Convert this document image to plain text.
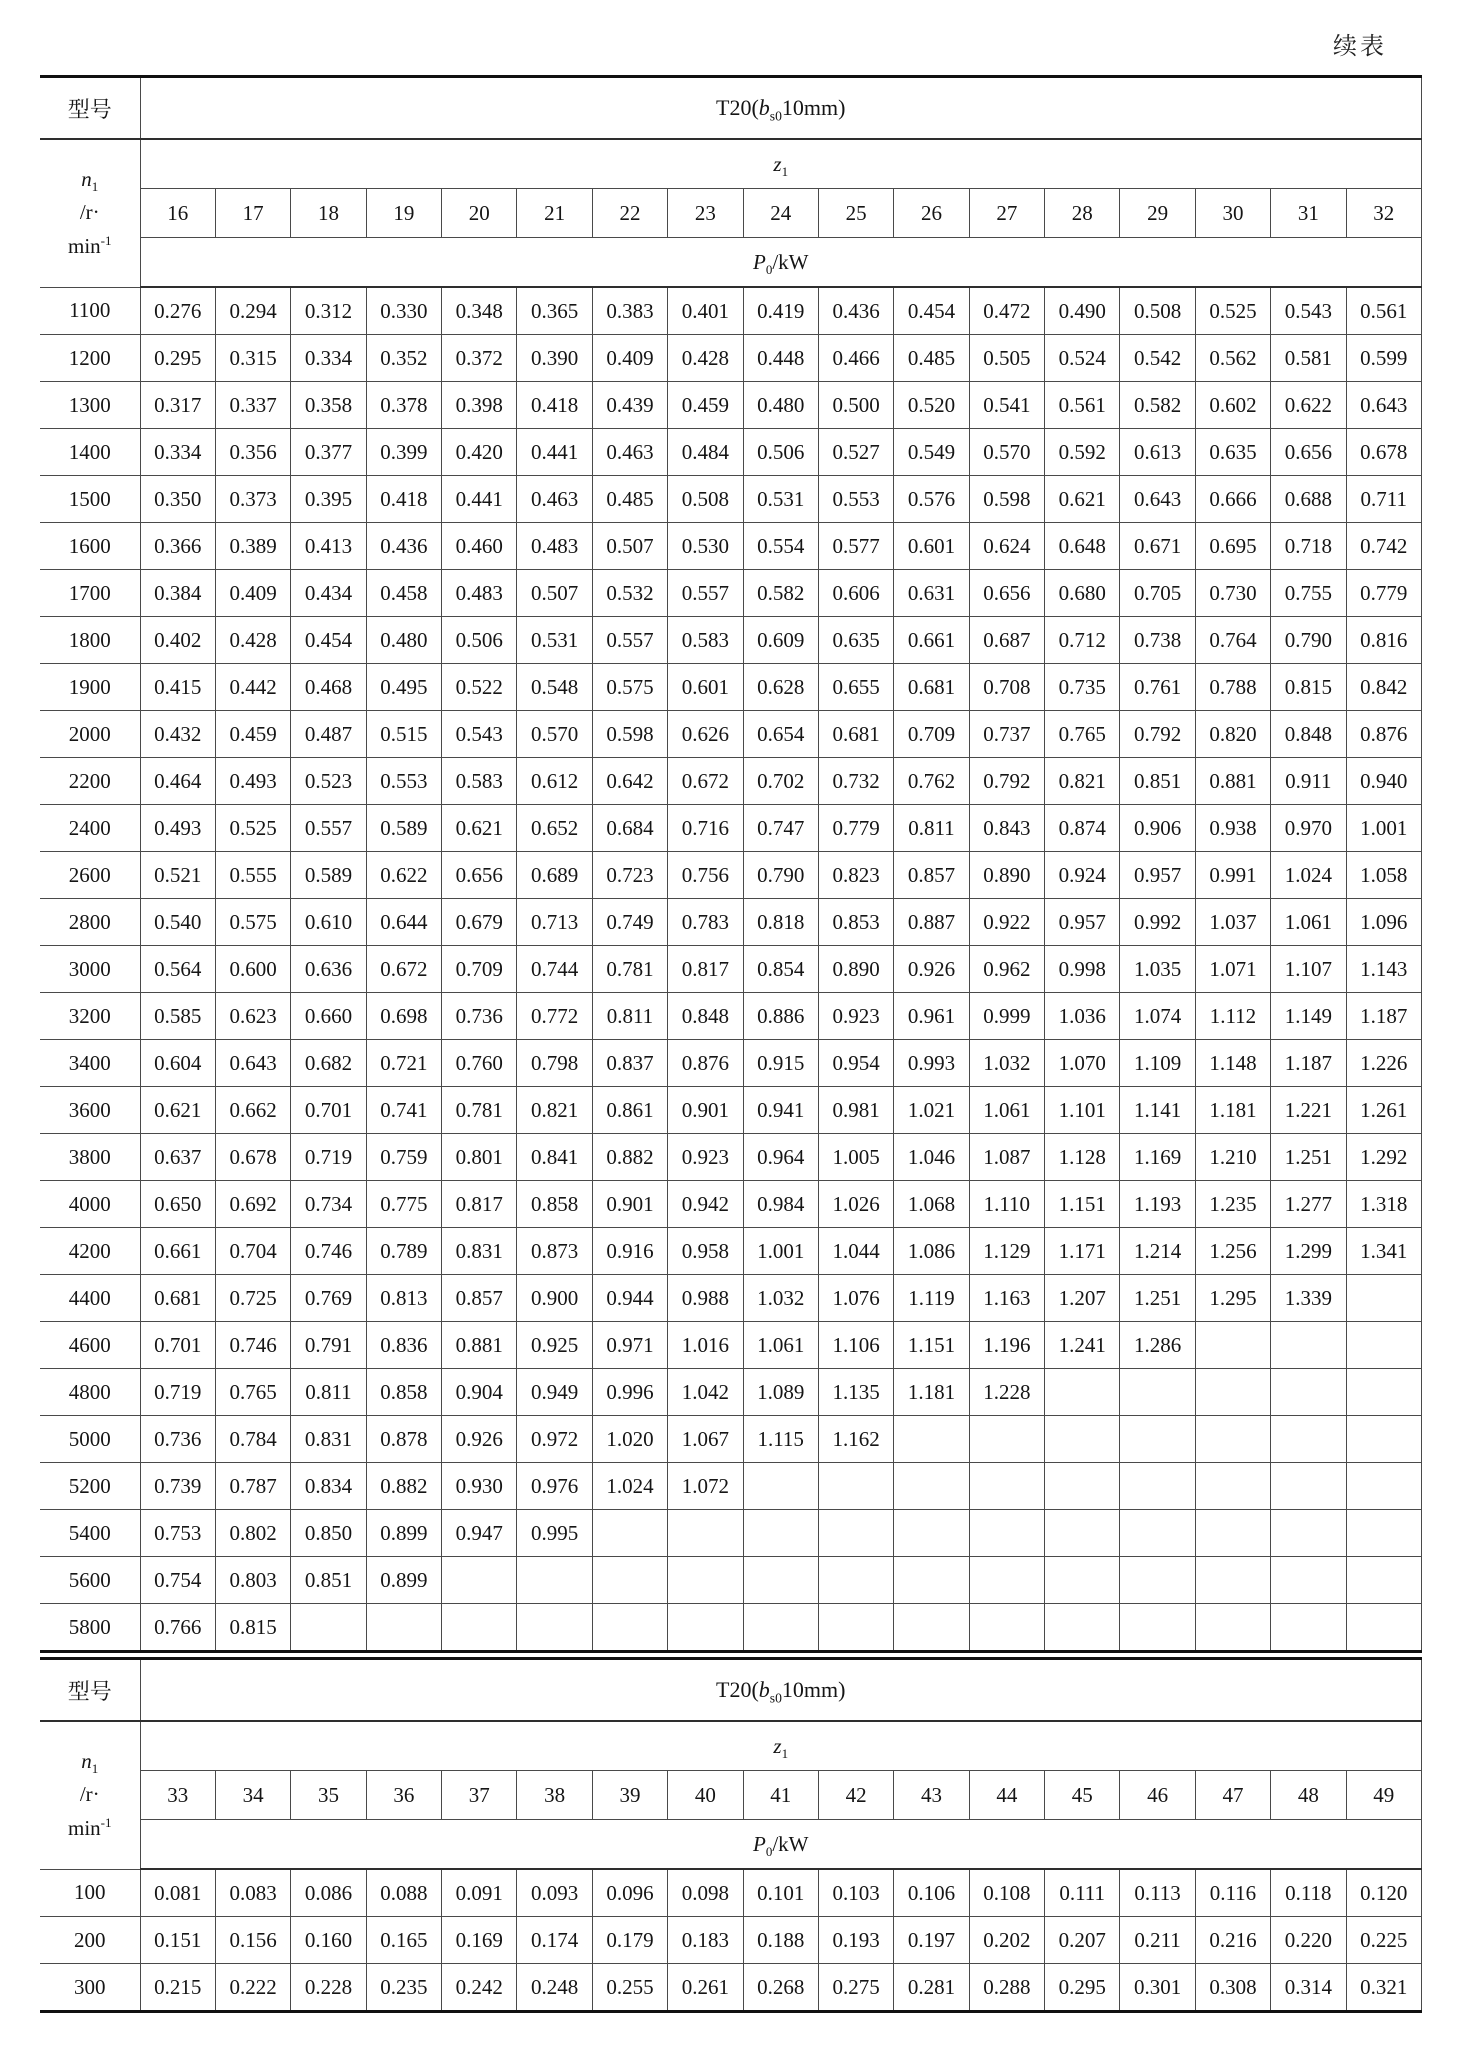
续表
型号	$T20(b_{s0}10mm)$																

$n_1$
/r·
$\min^{-1}$	$z_1$
	16	17	18	19	20	21	22	23	24	25	26	27	28	29	30	31	32
	$P_0/kW$																
1100	0.276	0.294	0.312	0.330	0.348	0.365	0.383	0.401	0.419	0.436	0.454	0.472	0.490	0.508	0.525	0.543	0.561
1200	0.295	0.315	0.334	0.352	0.372	0.390	0.409	0.428	0.448	0.466	0.485	0.505	0.524	0.542	0.562	0.581	0.599
1300	0.317	0.337	0.358	0.378	0.398	0.418	0.439	0.459	0.480	0.500	0.520	0.541	0.561	0.582	0.602	0.622	0.643
1400	0.334	0.356	0.377	0.399	0.420	0.441	0.463	0.484	0.506	0.527	0.549	0.570	0.592	0.613	0.635	0.656	0.678
1500	0.350	0.373	0.395	0.418	0.441	0.463	0.485	0.508	0.531	0.553	0.576	0.598	0.621	0.643	0.666	0.688	0.711
1600	0.366	0.389	0.413	0.436	0.460	0.483	0.507	0.530	0.554	0.577	0.601	0.624	0.648	0.671	0.695	0.718	0.742
1700	0.384	0.409	0.434	0.458	0.483	0.507	0.532	0.557	0.582	0.606	0.631	0.656	0.680	0.705	0.730	0.755	0.779
1800	0.402	0.428	0.454	0.480	0.506	0.531	0.557	0.583	0.609	0.635	0.661	0.687	0.712	0.738	0.764	0.790	0.816
1900	0.415	0.442	0.468	0.495	0.522	0.548	0.575	0.601	0.628	0.655	0.681	0.708	0.735	0.761	0.788	0.815	0.842
2000	0.432	0.459	0.487	0.515	0.543	0.570	0.598	0.626	0.654	0.681	0.709	0.737	0.765	0.792	0.820	0.848	0.876
2200	0.464	0.493	0.523	0.553	0.583	0.612	0.642	0.672	0.702	0.732	0.762	0.792	0.821	0.851	0.881	0.911	0.940
2400	0.493	0.525	0.557	0.589	0.621	0.652	0.684	0.716	0.747	0.779	0.811	0.843	0.874	0.906	0.938	0.970	1.001
2600	0.521	0.555	0.589	0.622	0.656	0.689	0.723	0.756	0.790	0.823	0.857	0.890	0.924	0.957	0.991	1.024	1.058
2800	0.540	0.575	0.610	0.644	0.679	0.713	0.749	0.783	0.818	0.853	0.887	0.922	0.957	0.992	1.037	1.061	1.096
3000	0.564	0.600	0.636	0.672	0.709	0.744	0.781	0.817	0.854	0.890	0.926	0.962	0.998	1.035	1.071	1.107	1.143
3200	0.585	0.623	0.660	0.698	0.736	0.772	0.811	0.848	0.886	0.923	0.961	0.999	1.036	1.074	1.112	1.149	1.187
3400	0.604	0.643	0.682	0.721	0.760	0.798	0.837	0.876	0.915	0.954	0.993	1.032	1.070	1.109	1.148	1.187	1.226
3600	0.621	0.662	0.701	0.741	0.781	0.821	0.861	0.901	0.941	0.981	1.021	1.061	1.101	1.141	1.181	1.221	1.261
3800	0.637	0.678	0.719	0.759	0.801	0.841	0.882	0.923	0.964	1.005	1.046	1.087	1.128	1.169	1.210	1.251	1.292
4000	0.650	0.692	0.734	0.775	0.817	0.858	0.901	0.942	0.984	1.026	1.068	1.110	1.151	1.193	1.235	1.277	1.318
4200	0.661	0.704	0.746	0.789	0.831	0.873	0.916	0.958	1.001	1.044	1.086	1.129	1.171	1.214	1.256	1.299	1.341
4400	0.681	0.725	0.769	0.813	0.857	0.900	0.944	0.988	1.032	1.076	1.119	1.163	1.207	1.251	1.295	1.339	
4600	0.701	0.746	0.791	0.836	0.881	0.925	0.971	1.016	1.061	1.106	1.151	1.196	1.241	1.286			
4800	0.719	0.765	0.811	0.858	0.904	0.949	0.996	1.042	1.089	1.135	1.181	1.228					
5000	0.736	0.784	0.831	0.878	0.926	0.972	1.020	1.067	1.115	1.162							
5200	0.739	0.787	0.834	0.882	0.930	0.976	1.024	1.072									
5400	0.753	0.802	0.850	0.899	0.947	0.995											
5600	0.754	0.803	0.851	0.899													
5800	0.766	0.815															
型号	$T20(b_{s0}10mm)$																

$n_1$
/r·
$\min^{-1}$	$z_1$
	33	34	35	36	37	38	39	40	41	42	43	44	45	46	47	48	49
	$P_0/kW$																
100	0.081	0.083	0.086	0.088	0.091	0.093	0.096	0.098	0.101	0.103	0.106	0.108	0.111	0.113	0.116	0.118	0.120
200	0.151	0.156	0.160	0.165	0.169	0.174	0.179	0.183	0.188	0.193	0.197	0.202	0.207	0.211	0.216	0.220	0.225
300	0.215	0.222	0.228	0.235	0.242	0.248	0.255	0.261	0.268	0.275	0.281	0.288	0.295	0.301	0.308	0.314	0.321
